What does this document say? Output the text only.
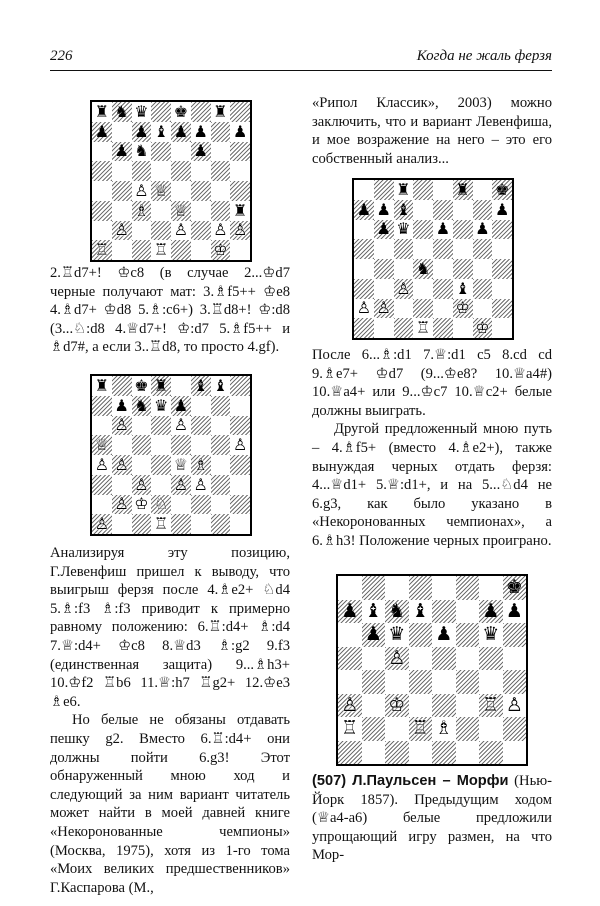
226	Когда не жаль ферзя
♜ ♞ ♛ ♚ ♜
♟ ♟ ♝ ♟ ♟ ♟
♟ ♞	♟
♙ ♕
♗ ♕	♜
♙	♙ ♙ ♙
♖	♖	♔

2.♖d7+! ♔c8 (в случае 2...♔d7 черные получают мат: 3.♗f5++ ♔e8 4.♗d7+ ♔d8 5.♗:c6+) 3.♖d8+! ♔:d8 (3...♘:d8 4.♕d7+! ♔:d7 5.♗f5++ и ♗d7#, а если 3..♖d8, то просто 4.gf).

♜ ♚ ♜ ♝ ♝
♟ ♞ ♛ ♟
♙	♙
♕	♙
♙ ♙	♕ ♗
♙ ♙ ♙
♙ ♔ ♘
♙	♖

Анализируя эту позицию, Г.Левенфиш пришел к выводу, что выигрыш ферзя после 4.♗e2+ ♘d4 5.♗:f3 ♗:f3 приводит к примерно равному положению: 6.♖:d4+ ♗:d4 7.♕:d4+ ♔c8 8.♕d3 ♗:g2 9.f3 (единственная защита) 9...♗h3+ 10.♔f2 ♖b6 11.♕:h7 ♖g2+ 12.♔e3 ♗e6.

Но белые не обязаны отдавать пешку g2. Вместо 6.♖:d4+ они должны пойти 6.g3! Этот обнаруженный мною ход и следующий за ним вариант читатель может найти в моей давней книге «Некоронованные чемпионы» (Москва, 1975), хотя из 1-го тома «Моих великих предшественников» Г.Каспарова (М.,

«Рипол Классик», 2003) можно заключить, что и вариант Левенфиша, и мое возражение на него – это его собственный анализ...

♜	♜ ♚
♟ ♟ ♝	♟
♟ ♛ ♟ ♟
♞
♙	♝
♙ ♙	♔
♖	♔

После 6...♗:d1 7.♕:d1 c5 8.cd cd 9.♗e7+ ♔d7 (9...♔e8? 10.♕a4#) 10.♕a4+ или 9...♔c7 10.♕c2+ белые должны выиграть.

Другой предложенный мною путь – 4.♗f5+ (вместо 4.♗e2+), также вынуждая черных отдать ферзя: 4...♕d1+ 5.♕:d1+, и на 5...♘d4 не 6.g3, как было указано в «Некоронованных чемпионах», а 6.♗h3! Положение черных проиграно.

♚
♟ ♝ ♞ ♝	♟ ♟
♟ ♛ ♟ ♛
♙
♙ ♔	♖ ♙
♖	♖ ♗

(507) Л.Паульсен – Морфи (Нью-Йорк 1857). Предыдущим ходом (♕a4-a6) белые предложили упрощающий игру размен, на что Мор-
